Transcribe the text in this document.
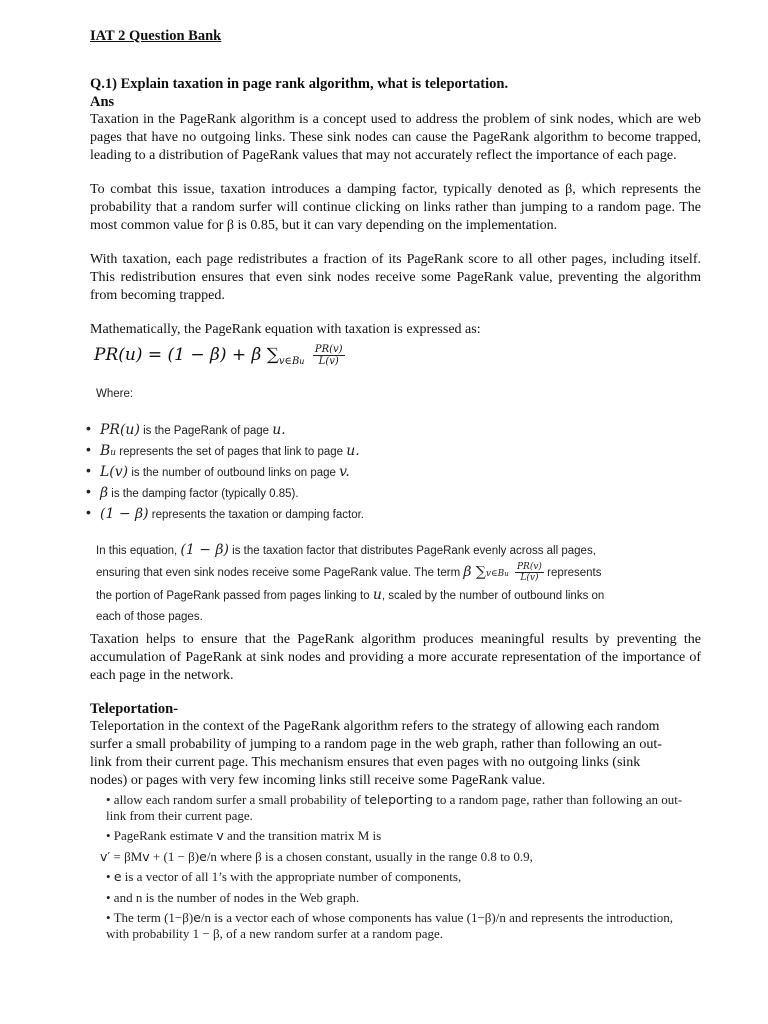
IAT 2 Question Bank
Q.1) Explain taxation in page rank algorithm, what is teleportation.
Ans
Taxation in the PageRank algorithm is a concept used to address the problem of sink nodes, which are web pages that have no outgoing links. These sink nodes can cause the PageRank algorithm to become trapped, leading to a distribution of PageRank values that may not accurately reflect the importance of each page.
To combat this issue, taxation introduces a damping factor, typically denoted as β, which represents the probability that a random surfer will continue clicking on links rather than jumping to a random page. The most common value for β is 0.85, but it can vary depending on the implementation.
With taxation, each page redistributes a fraction of its PageRank score to all other pages, including itself. This redistribution ensures that even sink nodes receive some PageRank value, preventing the algorithm from becoming trapped.
Mathematically, the PageRank equation with taxation is expressed as:
PR(u) = (1 − β) + β $\sum_{v\in Bu} \frac{PR(v)}{L(v)}$
Where:
• PR(u) is the PageRank of page u.
• Bu represents the set of pages that link to page u.
• L(v) is the number of outbound links on page v.
• β is the damping factor (typically 0.85).
• (1 − β) represents the taxation or damping factor.
In this equation, (1 − β) is the taxation factor that distributes PageRank evenly across all pages, ensuring that even sink nodes receive some PageRank value. The term β ∑v∈Bu $\frac{PR(v)}{L(v)}$ represents the portion of PageRank passed from pages linking to u, scaled by the number of outbound links on each of those pages.
Taxation helps to ensure that the PageRank algorithm produces meaningful results by preventing the accumulation of PageRank at sink nodes and providing a more accurate representation of the importance of each page in the network.
Teleportation-
Teleportation in the context of the PageRank algorithm refers to the strategy of allowing each random surfer a small probability of jumping to a random page in the web graph, rather than following an out-link from their current page. This mechanism ensures that even pages with no outgoing links (sink nodes) or pages with very few incoming links still receive some PageRank value.
• allow each random surfer a small probability of teleporting to a random page, rather than following an out-link from their current page.
• PageRank estimate v and the transition matrix M is
v′ = βMv + (1 − β)e/n where β is a chosen constant, usually in the range 0.8 to 0.9,
• e is a vector of all 1’s with the appropriate number of components,
• and n is the number of nodes in the Web graph.
• The term (1−β)e/n is a vector each of whose components has value (1−β)/n and represents the introduction, with probability 1 − β, of a new random surfer at a random page.
